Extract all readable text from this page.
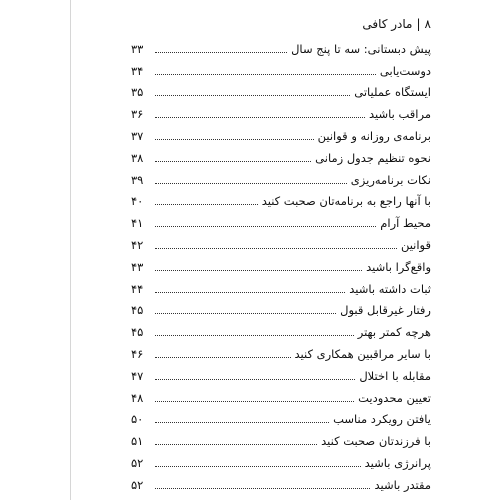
۸|مادر کافی
۳۳	پیش دبستانی: سه تا پنج سال
۳۴	دوست‌یابی
۳۵	ایستگاه عملیاتی
۳۶	مراقب باشید
۳۷	برنامه‌ی روزانه و قوانین
۳۸	نحوه تنظیم جدول زمانی
۳۹	نکات برنامه‌ریزی
۴۰	با آنها راجع به برنامه‌تان صحبت کنید
۴۱	محیط آرام
۴۲	قوانین
۴۳	واقع‌گرا باشید
۴۴	ثبات داشته باشید
۴۵	رفتار غیرقابل قبول
۴۵	هرچه کمتر بهتر
۴۶	با سایر مراقبین همکاری کنید
۴۷	مقابله با اختلال
۴۸	تعیین محدودیت
۵۰	یافتن رویکرد مناسب
۵۱	با فرزندتان صحبت کنید
۵۲	پرانرژی باشید
۵۲	مقتدر باشید
